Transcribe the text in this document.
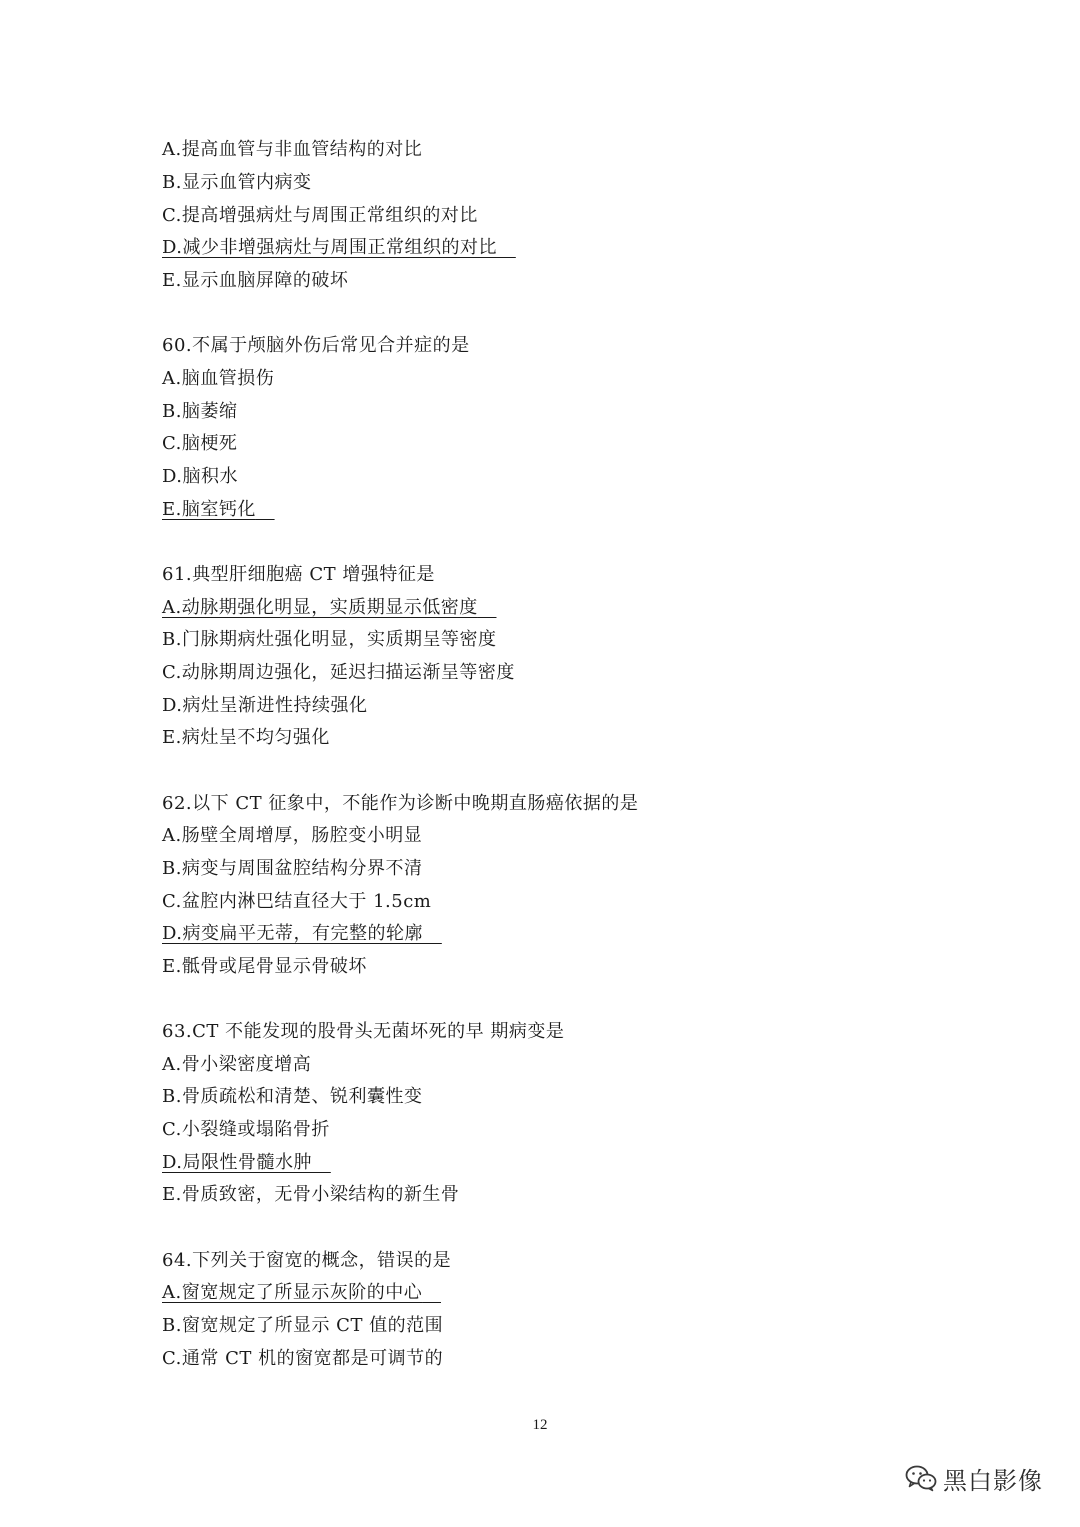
A.提高血管与非血管结构的对比
B.显示血管内病变
C.提高增强病灶与周围正常组织的对比
D.减少非增强病灶与周围正常组织的对比
E.显示血脑屏障的破坏
60.不属于颅脑外伤后常见合并症的是
A.脑血管损伤
B.脑萎缩
C.脑梗死
D.脑积水
E.脑室钙化
61.典型肝细胞癌 CT 增强特征是
A.动脉期强化明显，实质期显示低密度
B.门脉期病灶强化明显，实质期呈等密度
C.动脉期周边强化，延迟扫描运渐呈等密度
D.病灶呈渐进性持续强化
E.病灶呈不均匀强化
62.以下 CT 征象中，不能作为诊断中晚期直肠癌依据的是
A.肠壁全周增厚，肠腔变小明显
B.病变与周围盆腔结构分界不清
C.盆腔内淋巴结直径大于 1.5cm
D.病变扁平无蒂，有完整的轮廓
E.骶骨或尾骨显示骨破坏
63.CT 不能发现的股骨头无菌坏死的早 期病变是
A.骨小梁密度增高
B.骨质疏松和清楚、锐利囊性变
C.小裂缝或塌陷骨折
D.局限性骨髓水肿
E.骨质致密，无骨小梁结构的新生骨
64.下列关于窗宽的概念，错误的是
A.窗宽规定了所显示灰阶的中心
B.窗宽规定了所显示 CT 值的范围
C.通常 CT 机的窗宽都是可调节的
12
黑白影像
